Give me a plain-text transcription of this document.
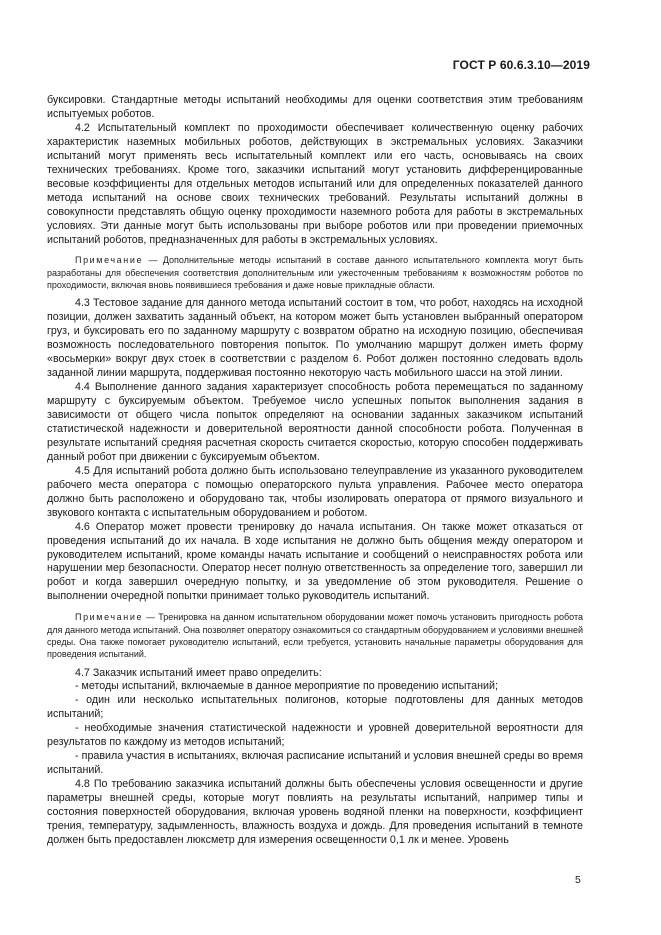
ГОСТ Р 60.6.3.10—2019

буксировки. Стандартные методы испытаний необходимы для оценки соответствия этим требованиям испытуемых роботов.

4.2 Испытательный комплект по проходимости обеспечивает количественную оценку рабочих характеристик наземных мобильных роботов, действующих в экстремальных условиях. Заказчики испытаний могут применять весь испытательный комплект или его часть, основываясь на своих технических требованиях. Кроме того, заказчики испытаний могут установить дифференцированные весовые коэффициенты для отдельных методов испытаний или для определенных показателей данного метода испытаний на основе своих технических требований. Результаты испытаний должны в совокупности представлять общую оценку проходимости наземного робота для работы в экстремальных условиях. Эти данные могут быть использованы при выборе роботов или при проведении приемочных испытаний роботов, предназначенных для работы в экстремальных условиях.

Примечание — Дополнительные методы испытаний в составе данного испытательного комплекта могут быть разработаны для обеспечения соответствия дополнительным или ужесточенным требованиям к возможностям роботов по проходимости, включая вновь появившиеся требования и даже новые прикладные области.

4.3 Тестовое задание для данного метода испытаний состоит в том, что робот, находясь на исходной позиции, должен захватить заданный объект, на котором может быть установлен выбранный оператором груз, и буксировать его по заданному маршруту с возвратом обратно на исходную позицию, обеспечивая возможность последовательного повторения попыток. По умолчанию маршрут должен иметь форму «восьмерки» вокруг двух стоек в соответствии с разделом 6. Робот должен постоянно следовать вдоль заданной линии маршрута, поддерживая постоянно некоторую часть мобильного шасси на этой линии.

4.4 Выполнение данного задания характеризует способность робота перемещаться по заданному маршруту с буксируемым объектом. Требуемое число успешных попыток выполнения задания в зависимости от общего числа попыток определяют на основании заданных заказчиком испытаний статистической надежности и доверительной вероятности данной способности робота. Полученная в результате испытаний средняя расчетная скорость считается скоростью, которую способен поддерживать данный робот при движении с буксируемым объектом.

4.5 Для испытаний робота должно быть использовано телеуправление из указанного руководителем рабочего места оператора с помощью операторского пульта управления. Рабочее место оператора должно быть расположено и оборудовано так, чтобы изолировать оператора от прямого визуального и звукового контакта с испытательным оборудованием и роботом.

4.6 Оператор может провести тренировку до начала испытания. Он также может отказаться от проведения испытаний до их начала. В ходе испытания не должно быть общения между оператором и руководителем испытаний, кроме команды начать испытание и сообщений о неисправностях робота или нарушении мер безопасности. Оператор несет полную ответственность за определение того, завершил ли робот и когда завершил очередную попытку, и за уведомление об этом руководителя. Решение о выполнении очередной попытки принимает только руководитель испытаний.

Примечание — Тренировка на данном испытательном оборудовании может помочь установить пригодность робота для данного метода испытаний. Она позволяет оператору ознакомиться со стандартным оборудованием и условиями внешней среды. Она также помогает руководителю испытаний, если требуется, установить начальные параметры оборудования для проведения испытаний.

4.7 Заказчик испытаний имеет право определить:

- методы испытаний, включаемые в данное мероприятие по проведению испытаний;

- один или несколько испытательных полигонов, которые подготовлены для данных методов испытаний;

- необходимые значения статистической надежности и уровней доверительной вероятности для результатов по каждому из методов испытаний;

- правила участия в испытаниях, включая расписание испытаний и условия внешней среды во время испытаний.

4.8 По требованию заказчика испытаний должны быть обеспечены условия освещенности и другие параметры внешней среды, которые могут повлиять на результаты испытаний, например типы и состояния поверхностей оборудования, включая уровень водяной пленки на поверхности, коэффициент трения, температуру, задымленность, влажность воздуха и дождь. Для проведения испытаний в темноте должен быть предоставлен люксметр для измерения освещенности 0,1 лк и менее. Уровень

5
